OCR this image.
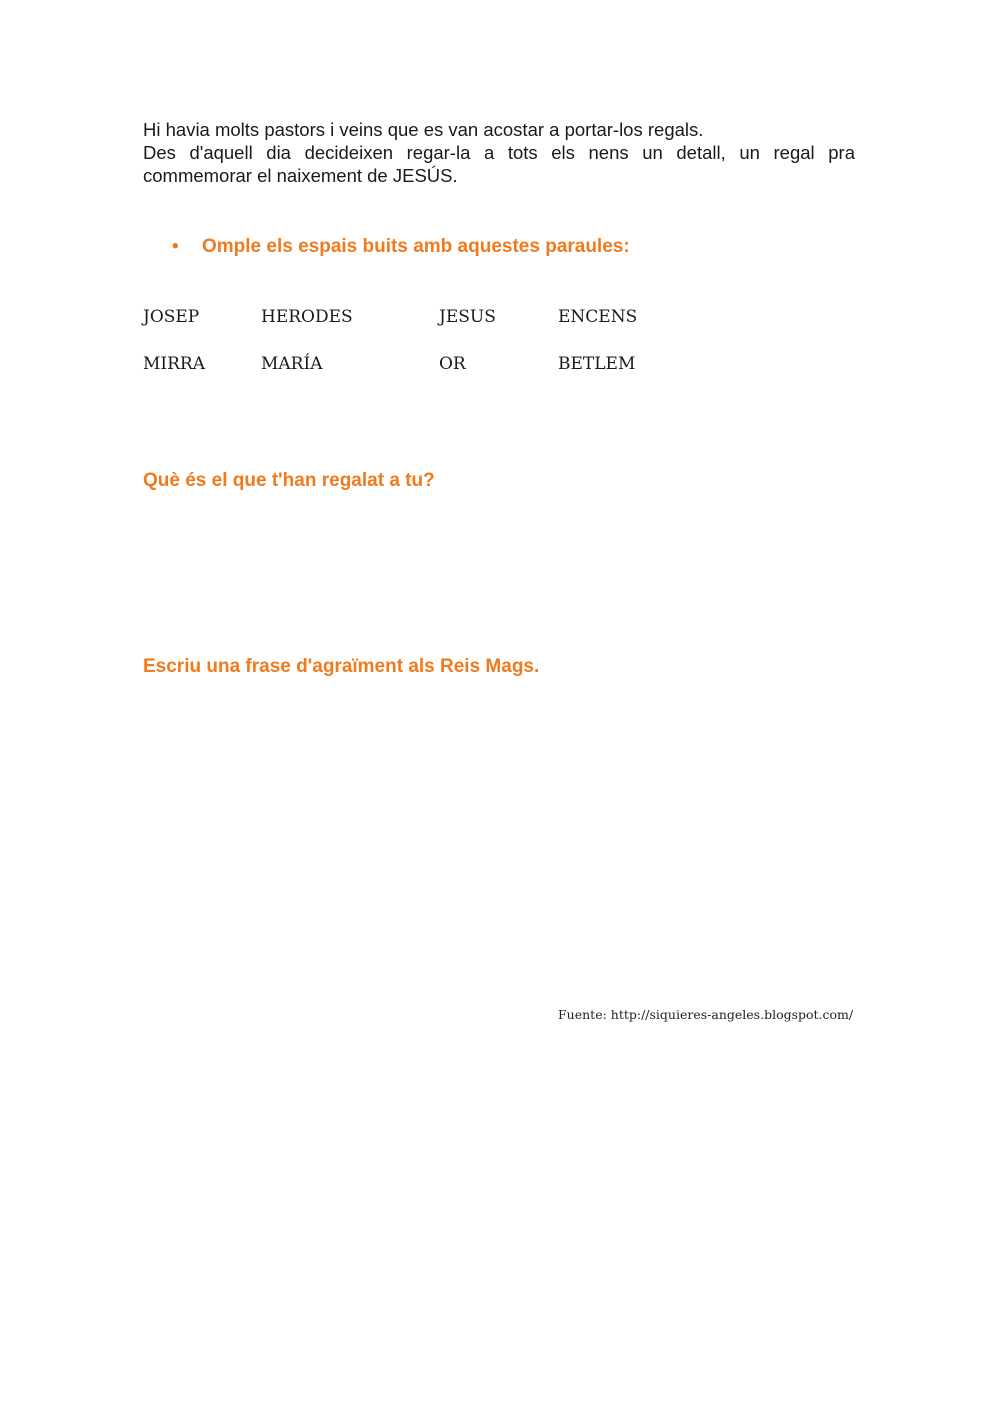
Hi havia molts pastors i veins que es van acostar a portar-los regals.

Des d'aquell dia decideixen regar-la a tots els nens un detall, un regal pra

commemorar el naixement de JESÚS.

• Omple els espais buits amb aquestes paraules:
JOSEP	HERODES	JESUS	ENCENS
MIRRA	MARÍA	OR	BETLEM
Què és el que t'han regalat a tu?
Escriu una frase d'agraïment als Reis Mags.
Fuente: http://siquieres-angeles.blogspot.com/
